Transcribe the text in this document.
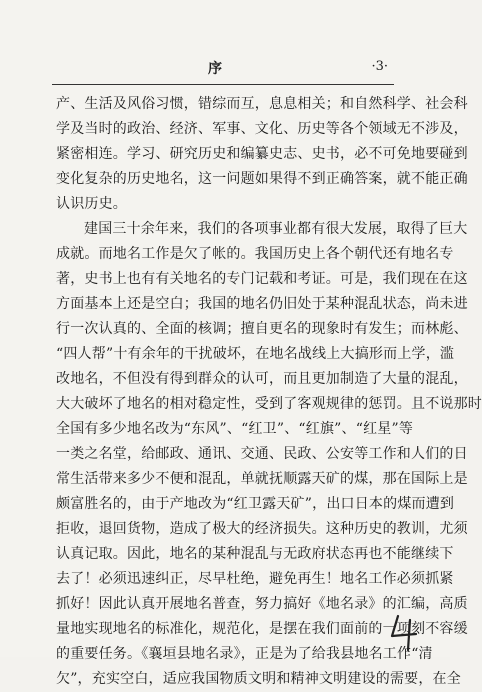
序	·3·
产、生活及风俗习惯，错综而互，息息相关；和自然科学、社会科
学及当时的政治、经济、军事、文化、历史等各个领域无不涉及，
紧密相连。学习、研究历史和编纂史志、史书，必不可免地要碰到
变化复杂的历史地名，这一问题如果得不到正确答案，就不能正确
认识历史。
建国三十余年来，我们的各项事业都有很大发展，取得了巨大
成就。而地名工作是欠了帐的。我国历史上各个朝代还有地名专
著，史书上也有有关地名的专门记载和考证。可是，我们现在在这
方面基本上还是空白；我国的地名仍旧处于某种混乱状态，尚未进
行一次认真的、全面的核调；擅自更名的现象时有发生；而林彪、
“四人帮”十有余年的干扰破坏，在地名战线上大搞形而上学，滥
改地名，不但没有得到群众的认可，而且更加制造了大量的混乱，
大大破坏了地名的相对稳定性，受到了客观规律的惩罚。且不说那时
全国有多少地名改为“东风”、“红卫”、“红旗”、“红星”等
一类之名堂，给邮政、通讯、交通、民政、公安等工作和人们的日
常生活带来多少不便和混乱，单就抚顺露天矿的煤，那在国际上是
颇富胜名的，由于产地改为“红卫露天矿”，出口日本的煤而遭到
拒收，退回货物，造成了极大的经济损失。这种历史的教训，尤须
认真记取。因此，地名的某种混乱与无政府状态再也不能继续下
去了！必须迅速纠正，尽早杜绝，避免再生！地名工作必须抓紧
抓好！因此认真开展地名普查，努力搞好《地名录》的汇编，高质
量地实现地名的标准化，规范化，是摆在我们面前的一项刻不容缓
的重要任务。《襄垣县地名录》，正是为了给我县地名工作“清
欠”，充实空白，适应我国物质文明和精神文明建设的需要，在全
